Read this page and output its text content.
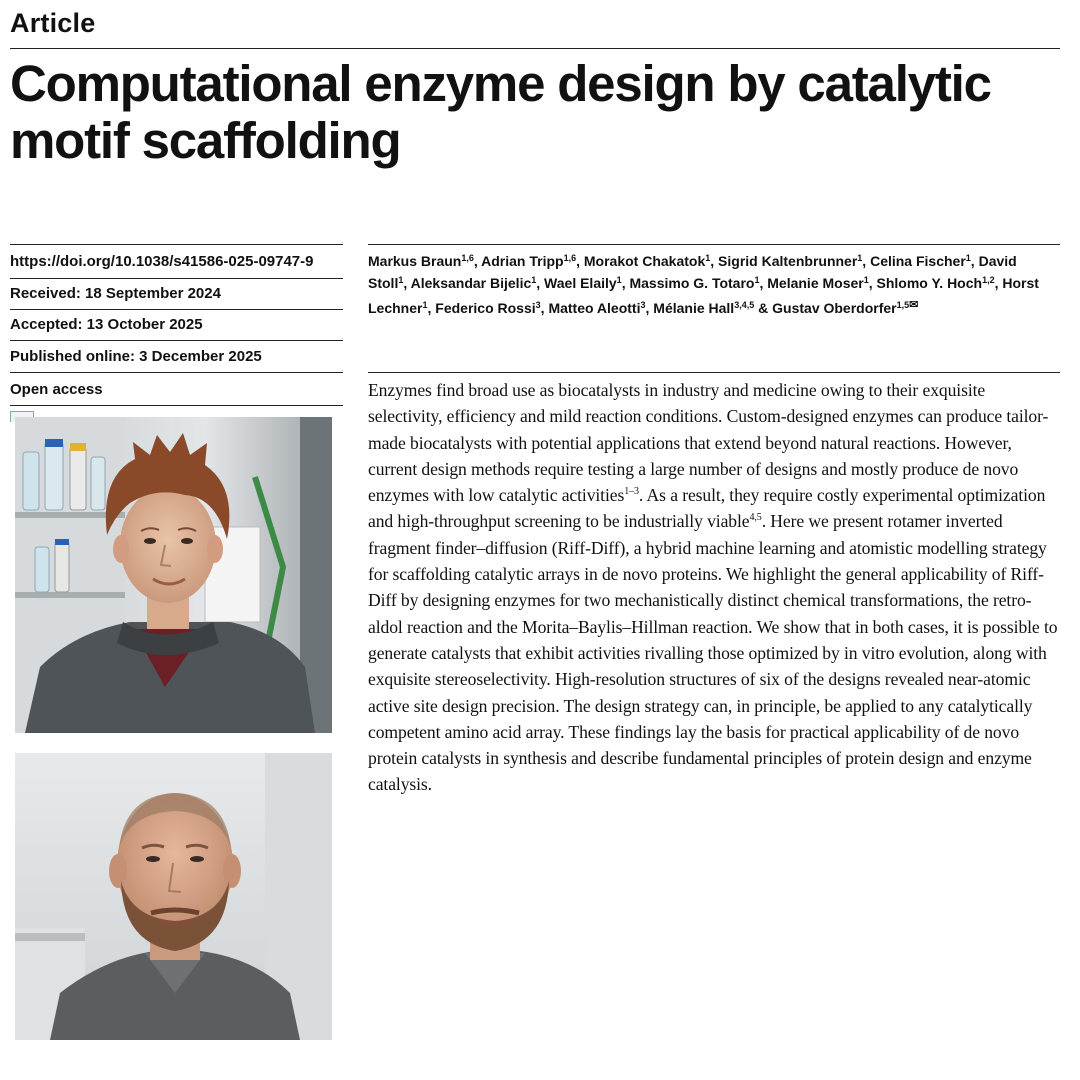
Article
Computational enzyme design by catalytic motif scaffolding
https://doi.org/10.1038/s41586-025-09747-9
Received: 18 September 2024
Accepted: 13 October 2025
Published online: 3 December 2025
Open access

Markus Braun$^{1,6}$, Adrian Tripp$^{1,6}$, Morakot Chakatok$^1$, Sigrid Kaltenbrunner$^1$, Celina Fischer$^1$, David Stoll$^1$, Aleksandar Bijelic$^1$, Wael Elaily$^1$, Massimo G. Totaro$^1$, Melanie Moser$^1$, Shlomo Y. Hoch$^{1,2}$, Horst Lechner$^1$, Federico Rossi$^3$, Matteo Aleotti$^3$, Mélanie Hall$^{3,4,5}$ & Gustav Oberdorfer$^{1,5✉}$

Enzymes find broad use as biocatalysts in industry and medicine owing to their exquisite selectivity, efficiency and mild reaction conditions. Custom-designed enzymes can produce tailor-made biocatalysts with potential applications that extend beyond natural reactions. However, current design methods require testing a large number of designs and mostly produce de novo enzymes with low catalytic activities$^{1-3}$. As a result, they require costly experimental optimization and high-throughput screening to be industrially viable$^{4,5}$. Here we present rotamer inverted fragment finder–diffusion (Riff-Diff), a hybrid machine learning and atomistic modelling strategy for scaffolding catalytic arrays in de novo proteins. We highlight the general applicability of Riff-Diff by designing enzymes for two mechanistically distinct chemical transformations, the retro-aldol reaction and the Morita–Baylis–Hillman reaction. We show that in both cases, it is possible to generate catalysts that exhibit activities rivalling those optimized by in vitro evolution, along with exquisite stereoselectivity. High-resolution structures of six of the designs revealed near-atomic active site design precision. The design strategy can, in principle, be applied to any catalytically competent amino acid array. These findings lay the basis for practical applicability of de novo protein catalysts in synthesis and describe fundamental principles of protein design and enzyme catalysis.
